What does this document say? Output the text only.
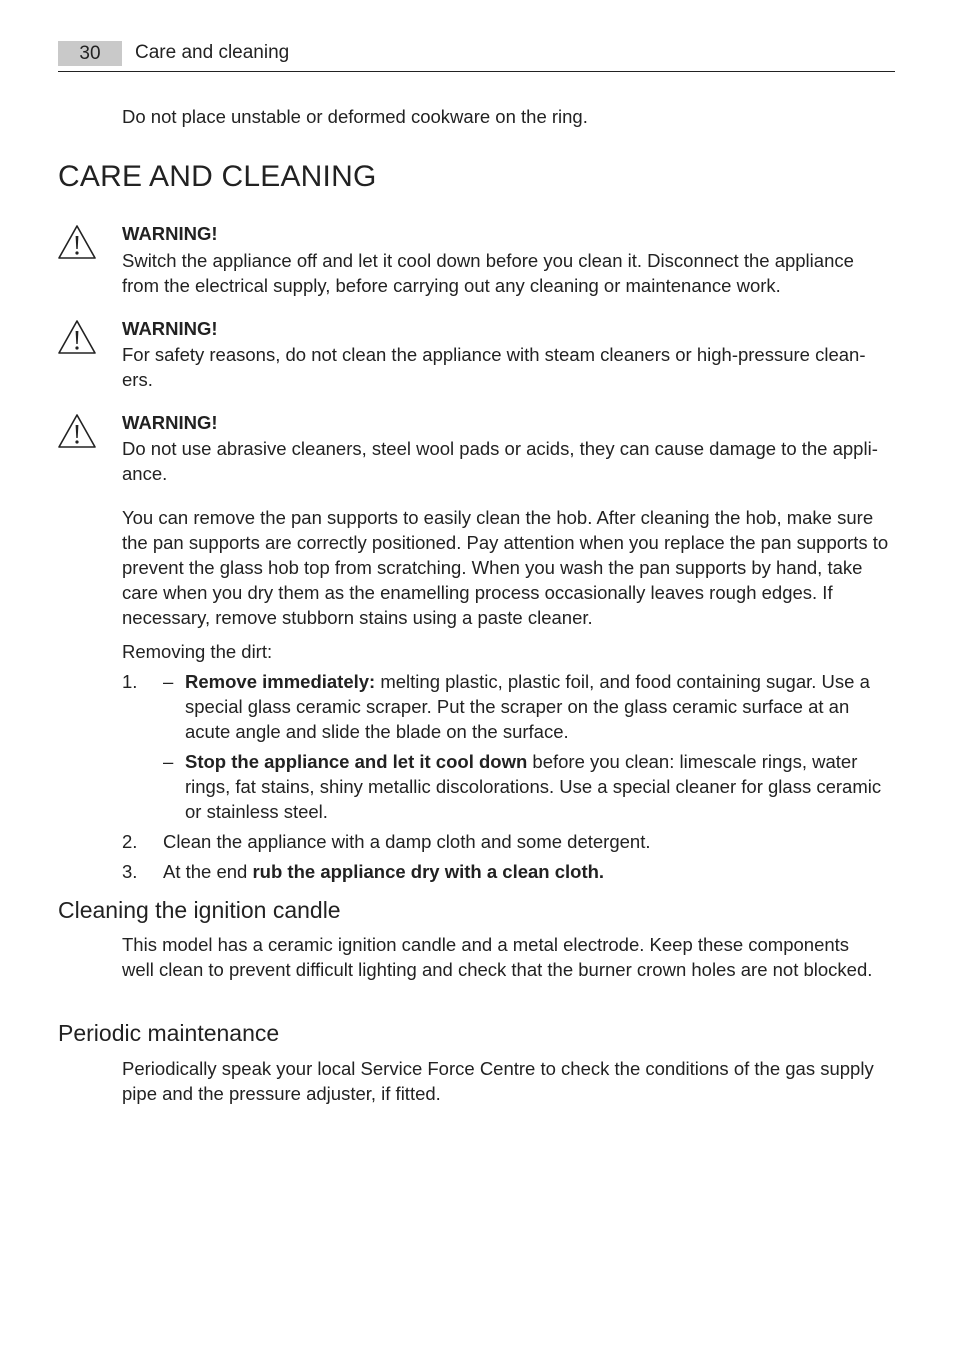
30	Care and cleaning
Do not place unstable or deformed cookware on the ring.
CARE AND CLEANING
WARNING!
Switch the appliance off and let it cool down before you clean it. Disconnect the appliance
from the electrical supply, before carrying out any cleaning or maintenance work.
WARNING!
For safety reasons, do not clean the appliance with steam cleaners or high-pressure clean-
ers.
WARNING!
Do not use abrasive cleaners, steel wool pads or acids, they can cause damage to the appli-
ance.
You can remove the pan supports to easily clean the hob. After cleaning the hob, make sure the pan supports are correctly positioned. Pay attention when you replace the pan supports to prevent the glass hob top from scratching. When you wash the pan supports by hand, take care when you dry them as the enamelling process occasionally leaves rough edges. If necessary, remove stubborn stains using a paste cleaner.
Removing the dirt:
1. – Remove immediately: melting plastic, plastic foil, and food containing sugar. Use a special glass ceramic scraper. Put the scraper on the glass ceramic surface at an acute angle and slide the blade on the surface.
– Stop the appliance and let it cool down before you clean: limescale rings, water rings, fat stains, shiny metallic discolorations. Use a special cleaner for glass ceramic or stainless steel.
2. Clean the appliance with a damp cloth and some detergent.
3. At the end rub the appliance dry with a clean cloth.
Cleaning the ignition candle
This model has a ceramic ignition candle and a metal electrode. Keep these components well clean to prevent difficult lighting and check that the burner crown holes are not blocked.
Periodic maintenance
Periodically speak your local Service Force Centre to check the conditions of the gas supply pipe and the pressure adjuster, if fitted.
